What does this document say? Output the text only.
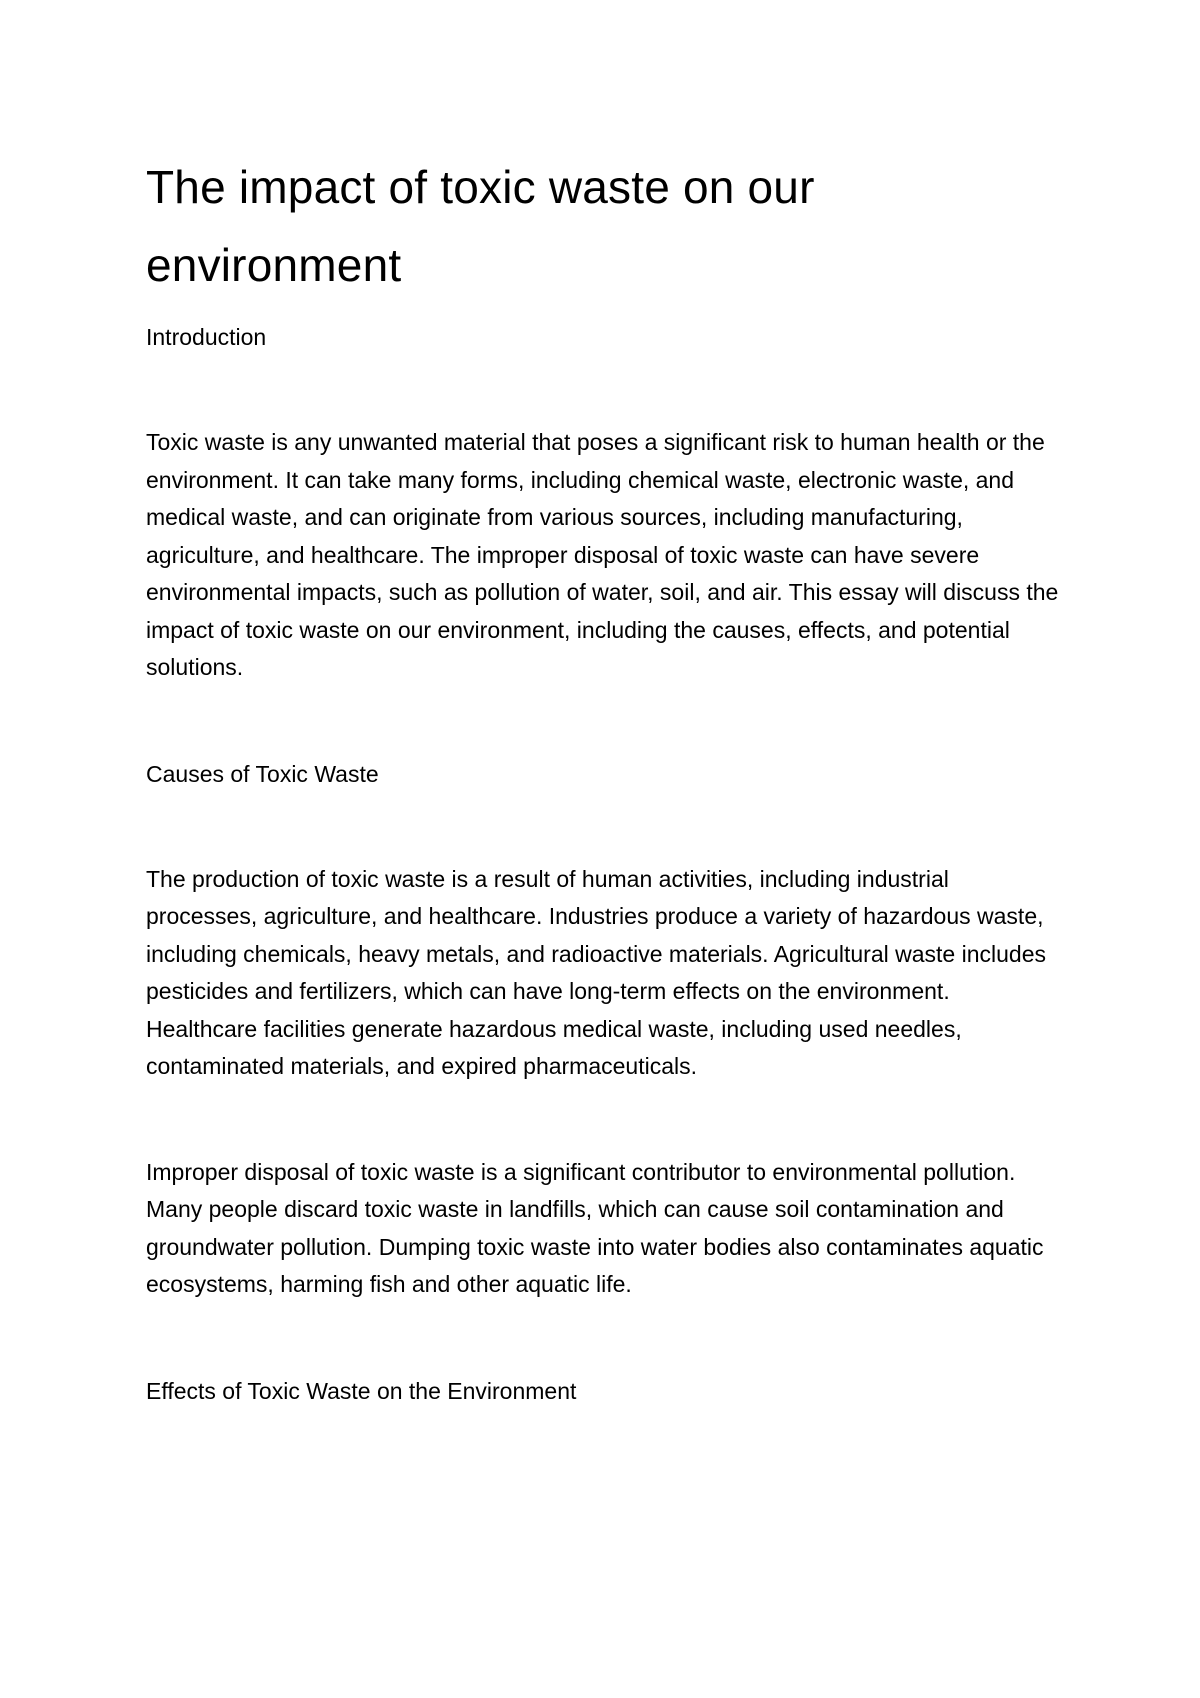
The impact of toxic waste on our environment
Introduction

Toxic waste is any unwanted material that poses a significant risk to human health or the environment. It can take many forms, including chemical waste, electronic waste, and medical waste, and can originate from various sources, including manufacturing, agriculture, and healthcare. The improper disposal of toxic waste can have severe environmental impacts, such as pollution of water, soil, and air. This essay will discuss the impact of toxic waste on our environment, including the causes, effects, and potential solutions.

Causes of Toxic Waste

The production of toxic waste is a result of human activities, including industrial processes, agriculture, and healthcare. Industries produce a variety of hazardous waste, including chemicals, heavy metals, and radioactive materials. Agricultural waste includes pesticides and fertilizers, which can have long-term effects on the environment. Healthcare facilities generate hazardous medical waste, including used needles, contaminated materials, and expired pharmaceuticals.

Improper disposal of toxic waste is a significant contributor to environmental pollution. Many people discard toxic waste in landfills, which can cause soil contamination and groundwater pollution. Dumping toxic waste into water bodies also contaminates aquatic ecosystems, harming fish and other aquatic life.

Effects of Toxic Waste on the Environment
